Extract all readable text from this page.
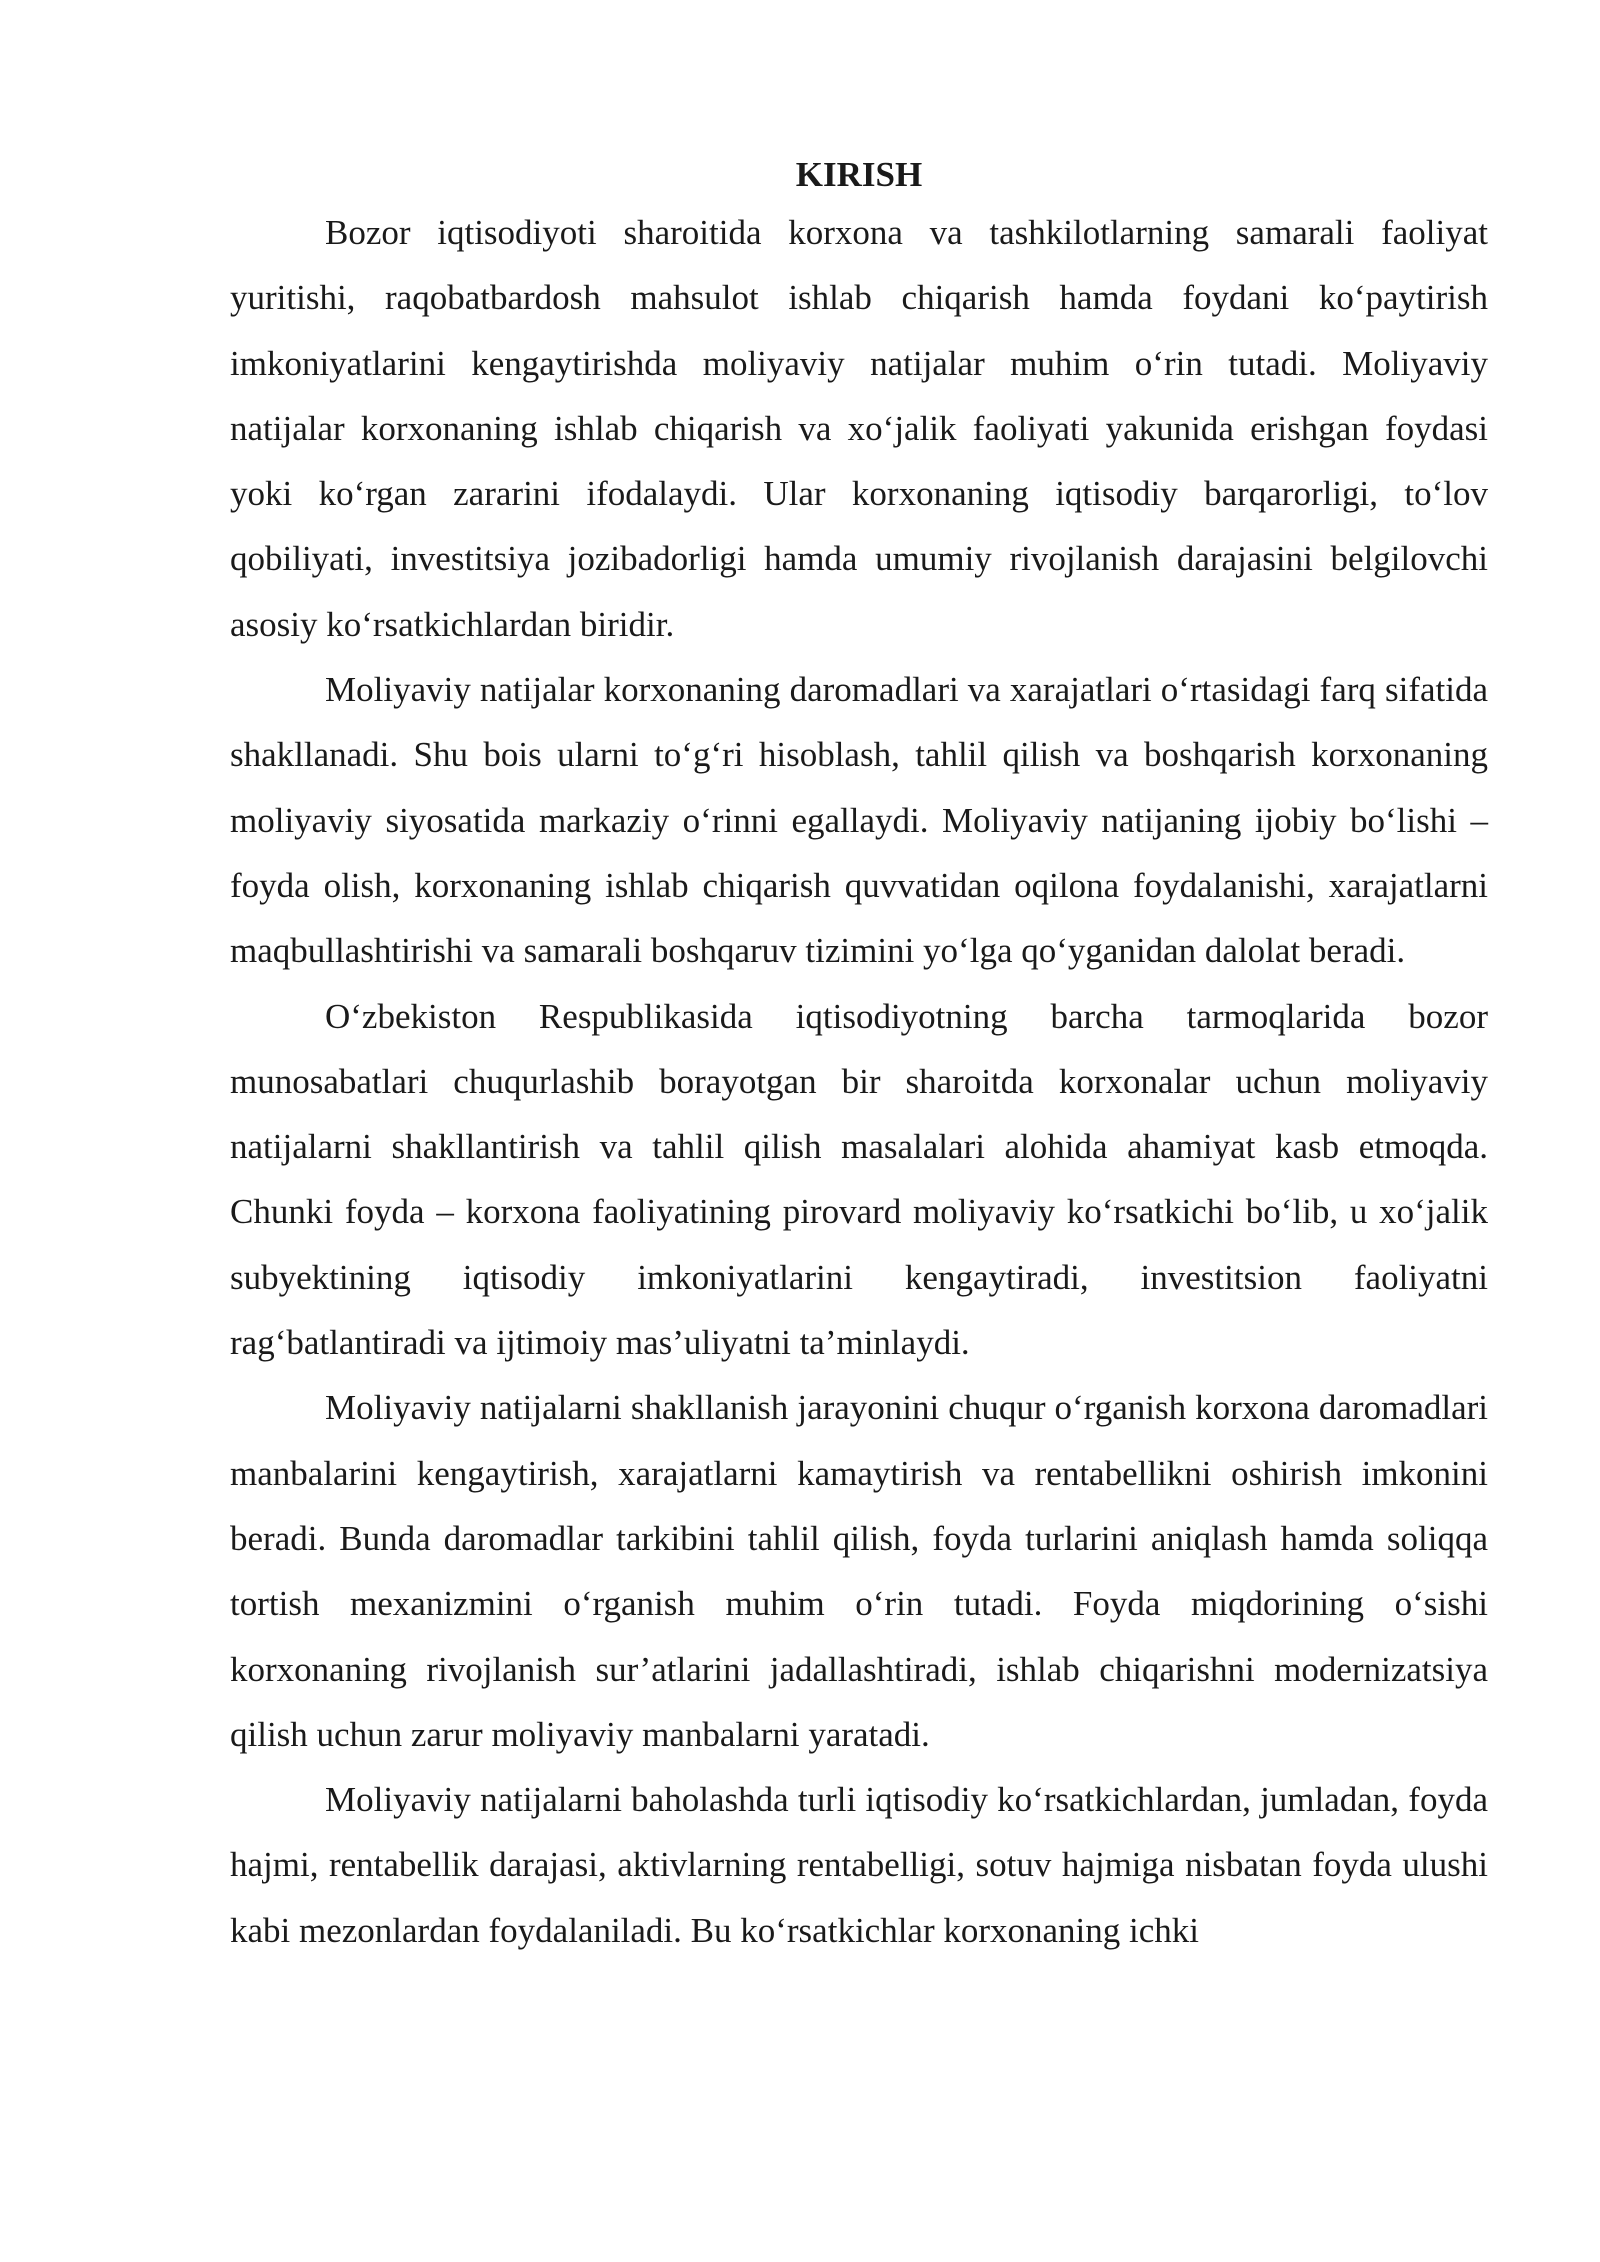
KIRISH

Bozor iqtisodiyoti sharoitida korxona va tashkilotlarning samarali faoliyat yuritishi, raqobatbardosh mahsulot ishlab chiqarish hamda foydani ko‘paytirish imkoniyatlarini kengaytirishda moliyaviy natijalar muhim o‘rin tutadi. Moliyaviy natijalar korxonaning ishlab chiqarish va xo‘jalik faoliyati yakunida erishgan foydasi yoki ko‘rgan zararini ifodalaydi. Ular korxonaning iqtisodiy barqarorligi, to‘lov qobiliyati, investitsiya jozibadorligi hamda umumiy rivojlanish darajasini belgilovchi asosiy ko‘rsatkichlardan biridir.

Moliyaviy natijalar korxonaning daromadlari va xarajatlari o‘rtasidagi farq sifatida shakllanadi. Shu bois ularni to‘g‘ri hisoblash, tahlil qilish va boshqarish korxonaning moliyaviy siyosatida markaziy o‘rinni egallaydi. Moliyaviy natijaning ijobiy bo‘lishi – foyda olish, korxonaning ishlab chiqarish quvvatidan oqilona foydalanishi, xarajatlarni maqbullashtirishi va samarali boshqaruv tizimini yo‘lga qo‘yganidan dalolat beradi.

O‘zbekiston Respublikasida iqtisodiyotning barcha tarmoqlarida bozor munosabatlari chuqurlashib borayotgan bir sharoitda korxonalar uchun moliyaviy natijalarni shakllantirish va tahlil qilish masalalari alohida ahamiyat kasb etmoqda. Chunki foyda – korxona faoliyatining pirovard moliyaviy ko‘rsatkichi bo‘lib, u xo‘jalik subyektining iqtisodiy imkoniyatlarini kengaytiradi, investitsion faoliyatni rag‘batlantiradi va ijtimoiy mas’uliyatni ta’minlaydi.

Moliyaviy natijalarni shakllanish jarayonini chuqur o‘rganish korxona daromadlari manbalarini kengaytirish, xarajatlarni kamaytirish va rentabellikni oshirish imkonini beradi. Bunda daromadlar tarkibini tahlil qilish, foyda turlarini aniqlash hamda soliqqa tortish mexanizmini o‘rganish muhim o‘rin tutadi. Foyda miqdorining o‘sishi korxonaning rivojlanish sur’atlarini jadallashtiradi, ishlab chiqarishni modernizatsiya qilish uchun zarur moliyaviy manbalarni yaratadi.

Moliyaviy natijalarni baholashda turli iqtisodiy ko‘rsatkichlardan, jumladan, foyda hajmi, rentabellik darajasi, aktivlarning rentabelligi, sotuv hajmiga nisbatan foyda ulushi kabi mezonlardan foydalaniladi. Bu ko‘rsatkichlar korxonaning ichki
